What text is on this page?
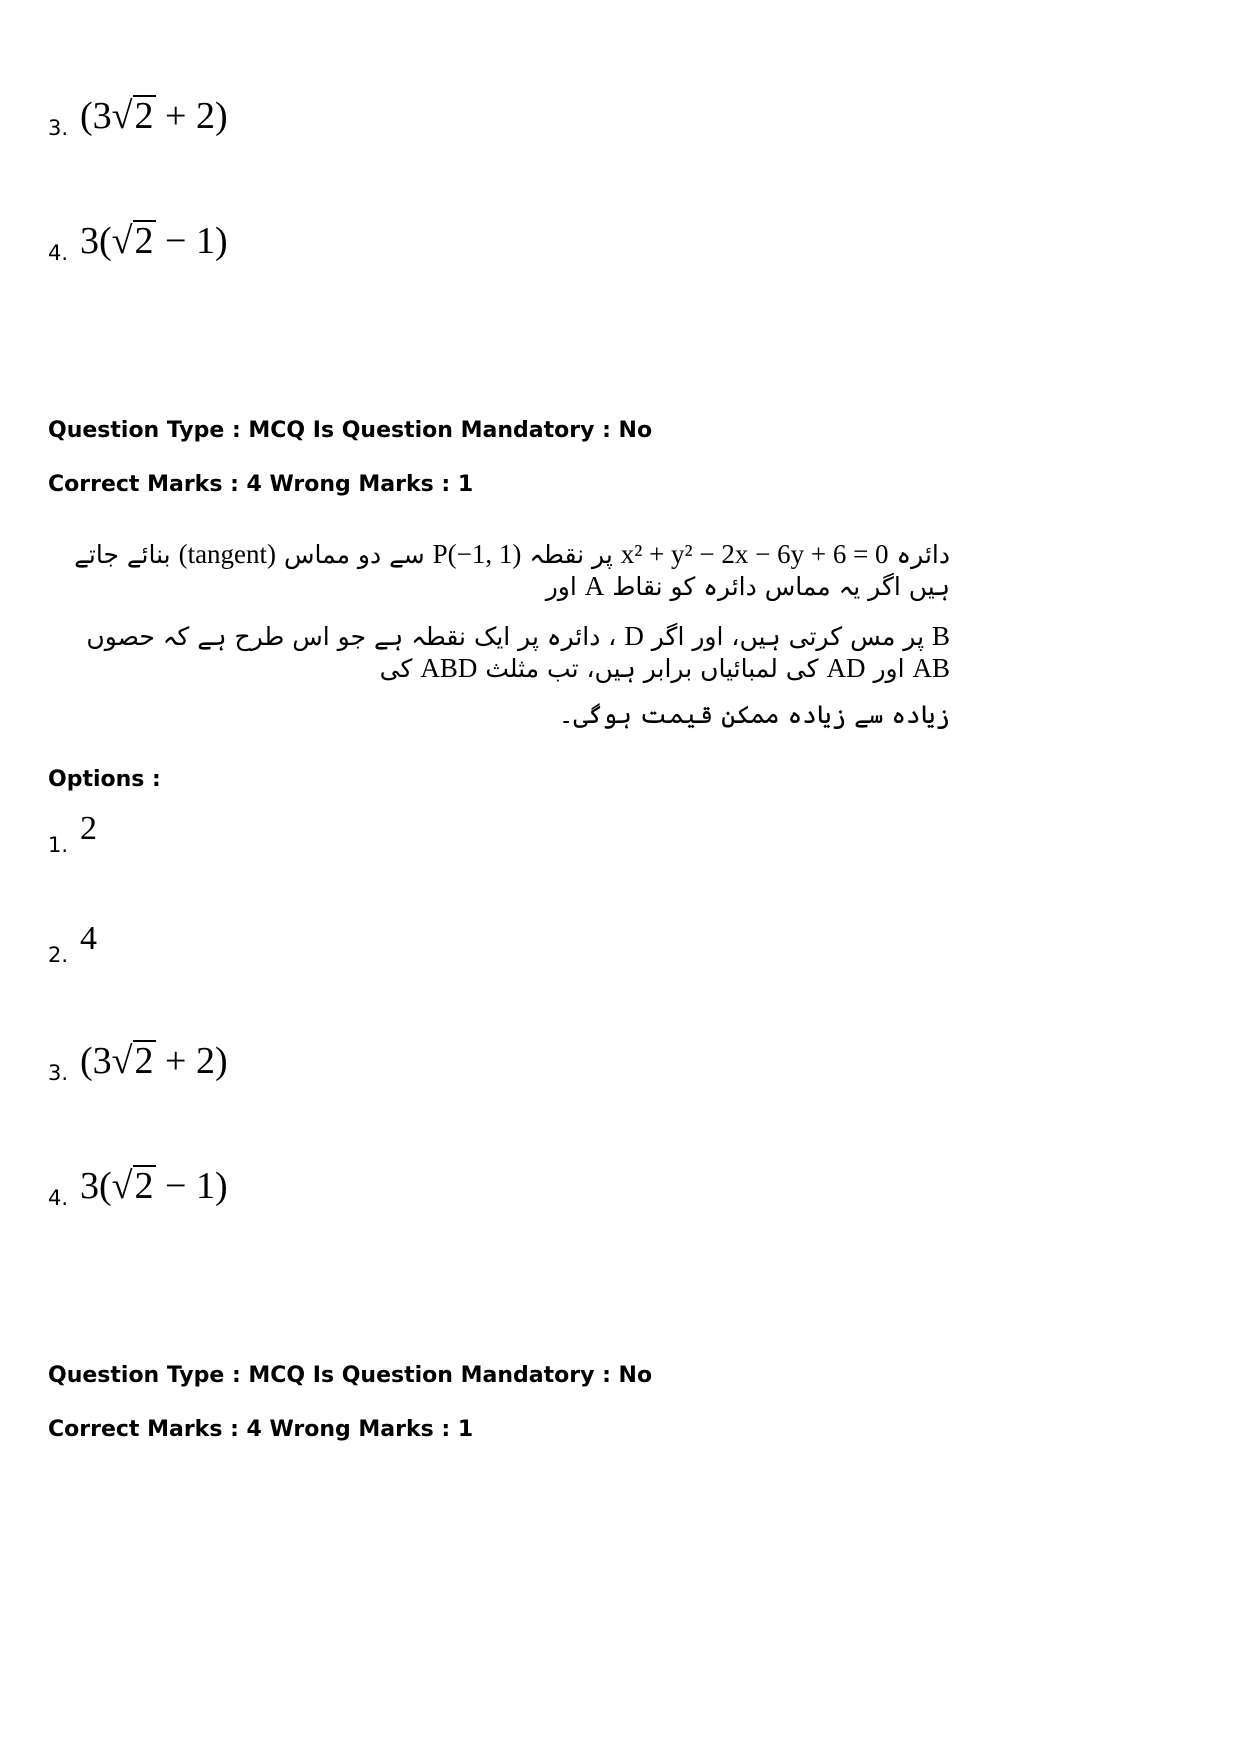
3. (3√2 + 2)
4. 3(√2 − 1)
Question Type : MCQ Is Question Mandatory : No
Correct Marks : 4 Wrong Marks : 1
دائرہ x² + y² − 2x − 6y + 6 = 0 پر نقطہ P(−1, 1) سے دو مماس (tangent) بنائے جاتے ہیں اگر یہ مماس دائرہ کو نقاط A اور
B پر مس کرتی ہیں، اور اگر D ، دائرہ پر ایک نقطہ ہے جو اس طرح ہے کہ حصوں AB اور AD کی لمبائیاں برابر ہیں، تب مثلث ABD کی
زیادہ سے زیادہ ممکن قیمت ہوگی۔
Options :
1. 2
2. 4
3. (3√2 + 2)
4. 3(√2 − 1)
Question Type : MCQ Is Question Mandatory : No
Correct Marks : 4 Wrong Marks : 1
